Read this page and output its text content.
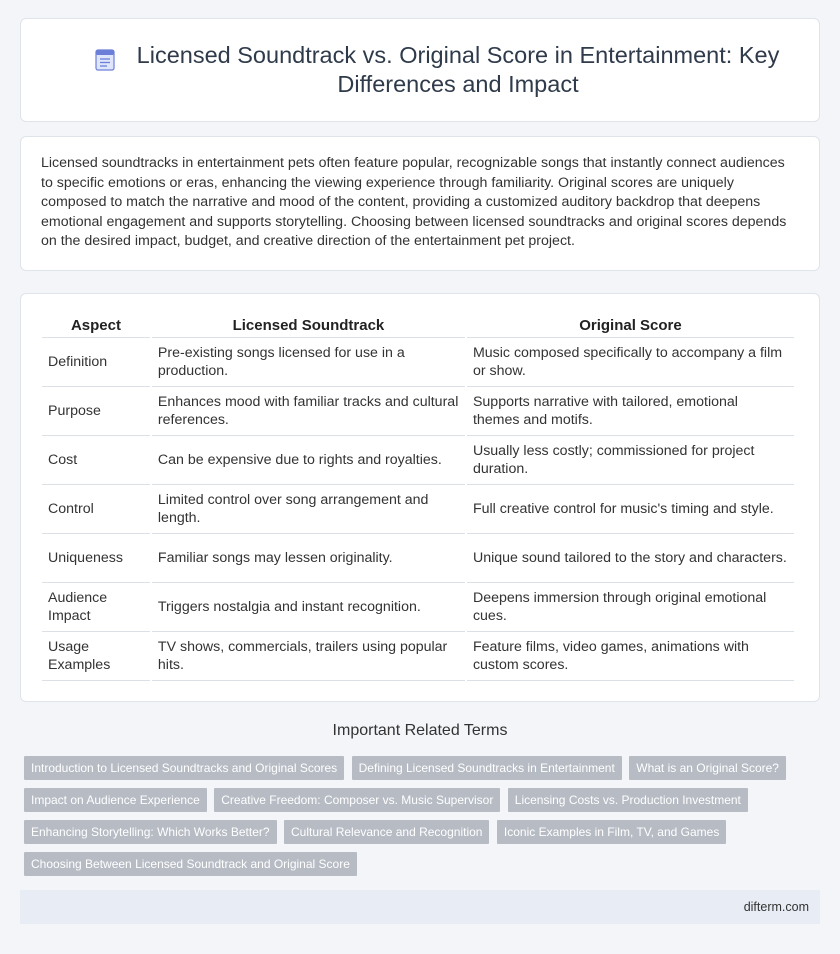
Licensed Soundtrack vs. Original Score in Entertainment: Key Differences and Impact

Licensed soundtracks in entertainment pets often feature popular, recognizable songs that instantly connect audiences to specific emotions or eras, enhancing the viewing experience through familiarity. Original scores are uniquely composed to match the narrative and mood of the content, providing a customized auditory backdrop that deepens emotional engagement and supports storytelling. Choosing between licensed soundtracks and original scores depends on the desired impact, budget, and creative direction of the entertainment pet project.

Aspect	Licensed Soundtrack	Original Score
Definition	Pre-existing songs licensed for use in a production.	Music composed specifically to accompany a film or show.
Purpose	Enhances mood with familiar tracks and cultural references.	Supports narrative with tailored, emotional themes and motifs.
Cost	Can be expensive due to rights and royalties.	Usually less costly; commissioned for project duration.
Control	Limited control over song arrangement and length.	Full creative control for music's timing and style.
Uniqueness	Familiar songs may lessen originality.	Unique sound tailored to the story and characters.
Audience Impact	Triggers nostalgia and instant recognition.	Deepens immersion through original emotional cues.
Usage Examples	TV shows, commercials, trailers using popular hits.	Feature films, video games, animations with custom scores.
Important Related Terms
Introduction to Licensed Soundtracks and Original Scores Defining Licensed Soundtracks in Entertainment What is an Original Score? Impact on Audience Experience Creative Freedom: Composer vs. Music Supervisor Licensing Costs vs. Production Investment Enhancing Storytelling: Which Works Better? Cultural Relevance and Recognition Iconic Examples in Film, TV, and Games Choosing Between Licensed Soundtrack and Original Score
difterm.com
